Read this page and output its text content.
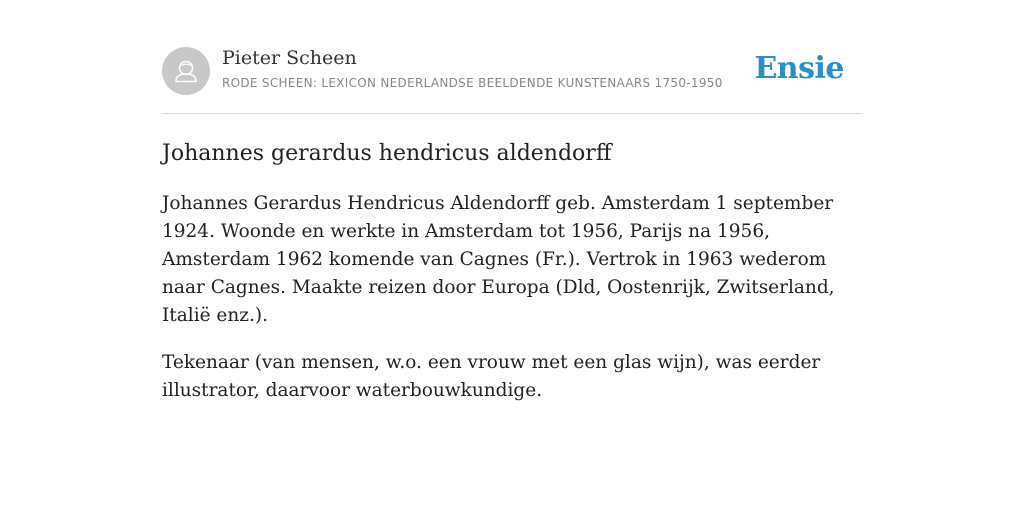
Pieter Scheen
RODE SCHEEN: LEXICON NEDERLANDSE BEELDENDE KUNSTENAARS 1750-1950 Ensie
Johannes gerardus hendricus aldendorff

Johannes Gerardus Hendricus Aldendorff geb. Amsterdam 1 september 1924. Woonde en werkte in Amsterdam tot 1956, Parijs na 1956, Amsterdam 1962 komende van Cagnes (Fr.). Vertrok in 1963 wederom naar Cagnes. Maakte reizen door Europa (Dld, Oostenrijk, Zwitserland, Italië enz.).

Tekenaar (van mensen, w.o. een vrouw met een glas wijn), was eerder illustrator, daarvoor waterbouwkundige.
